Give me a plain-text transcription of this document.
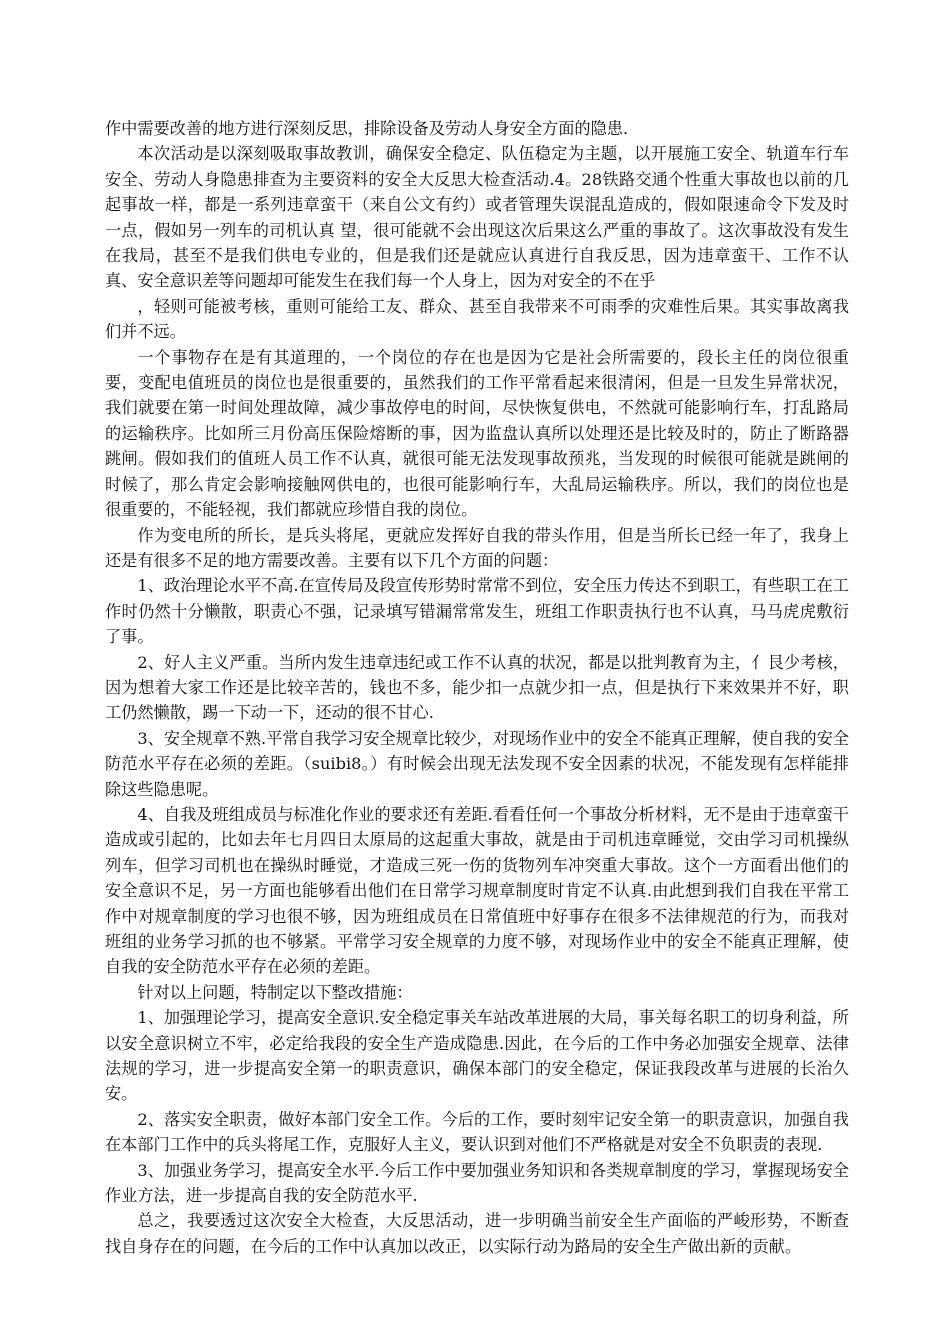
作中需要改善的地方进行深刻反思，排除设备及劳动人身安全方面的隐患.

本次活动是以深刻吸取事故教训，确保安全稳定、队伍稳定为主题，以开展施工安全、轨道车行车安全、劳动人身隐患排查为主要资料的安全大反思大检查活动.4。28铁路交通个性重大事故也以前的几起事故一样，都是一系列违章蛮干（来自公文有约）或者管理失误混乱造成的，假如限速命令下发及时一点，假如另一列车的司机认真 望，很可能就不会出现这次后果这么严重的事故了。这次事故没有发生在我局，甚至不是我们供电专业的，但是我们还是就应认真进行自我反思，因为违章蛮干、工作不认真、安全意识差等问题却可能发生在我们每一个人身上，因为对安全的不在乎

，轻则可能被考核，重则可能给工友、群众、甚至自我带来不可雨季的灾难性后果。其实事故离我们并不远。

一个事物存在是有其道理的，一个岗位的存在也是因为它是社会所需要的，段长主任的岗位很重要，变配电值班员的岗位也是很重要的，虽然我们的工作平常看起来很清闲，但是一旦发生异常状况，我们就要在第一时间处理故障，减少事故停电的时间，尽快恢复供电，不然就可能影响行车，打乱路局的运输秩序。比如所三月份高压保险熔断的事，因为监盘认真所以处理还是比较及时的，防止了断路器跳闸。假如我们的值班人员工作不认真，就很可能无法发现事故预兆，当发现的时候很可能就是跳闸的时候了，那么肯定会影响接触网供电的，也很可能影响行车，大乱局运输秩序。所以，我们的岗位也是很重要的，不能轻视，我们都就应珍惜自我的岗位。

作为变电所的所长，是兵头将尾，更就应发挥好自我的带头作用，但是当所长已经一年了，我身上还是有很多不足的地方需要改善。主要有以下几个方面的问题：

1、政治理论水平不高.在宣传局及段宣传形势时常常不到位，安全压力传达不到职工，有些职工在工作时仍然十分懒散，职责心不强，记录填写错漏常常发生，班组工作职责执行也不认真，马马虎虎敷衍了事。

2、好人主义严重。当所内发生违章违纪或工作不认真的状况，都是以批判教育为主，亻艮少考核，因为想着大家工作还是比较辛苦的，钱也不多，能少扣一点就少扣一点，但是执行下来效果并不好，职工仍然懒散，踢一下动一下，还动的很不甘心.

3、安全规章不熟.平常自我学习安全规章比较少，对现场作业中的安全不能真正理解，使自我的安全防范水平存在必须的差距。（suibi8。）有时候会出现无法发现不安全因素的状况，不能发现有怎样能排除这些隐患呢。

4、自我及班组成员与标准化作业的要求还有差距.看看任何一个事故分析材料，无不是由于违章蛮干造成或引起的，比如去年七月四日太原局的这起重大事故，就是由于司机违章睡觉，交由学习司机操纵列车，但学习司机也在操纵时睡觉，才造成三死一伤的货物列车冲突重大事故。这个一方面看出他们的安全意识不足，另一方面也能够看出他们在日常学习规章制度时肯定不认真.由此想到我们自我在平常工作中对规章制度的学习也很不够，因为班组成员在日常值班中好事存在很多不法律规范的行为，而我对班组的业务学习抓的也不够紧。平常学习安全规章的力度不够，对现场作业中的安全不能真正理解，使自我的安全防范水平存在必须的差距。

针对以上问题，特制定以下整改措施：

1、加强理论学习，提高安全意识.安全稳定事关车站改革进展的大局，事关每名职工的切身利益，所以安全意识树立不牢，必定给我段的安全生产造成隐患.因此，在今后的工作中务必加强安全规章、法律法规的学习，进一步提高安全第一的职责意识，确保本部门的安全稳定，保证我段改革与进展的长治久安。

2、落实安全职责，做好本部门安全工作。今后的工作，要时刻牢记安全第一的职责意识，加强自我在本部门工作中的兵头将尾工作，克服好人主义，要认识到对他们不严格就是对安全不负职责的表现.

3、加强业务学习，提高安全水平.今后工作中要加强业务知识和各类规章制度的学习，掌握现场安全作业方法，进一步提高自我的安全防范水平.

总之，我要透过这次安全大检查，大反思活动，进一步明确当前安全生产面临的严峻形势，不断查找自身存在的问题，在今后的工作中认真加以改正，以实际行动为路局的安全生产做出新的贡献。
